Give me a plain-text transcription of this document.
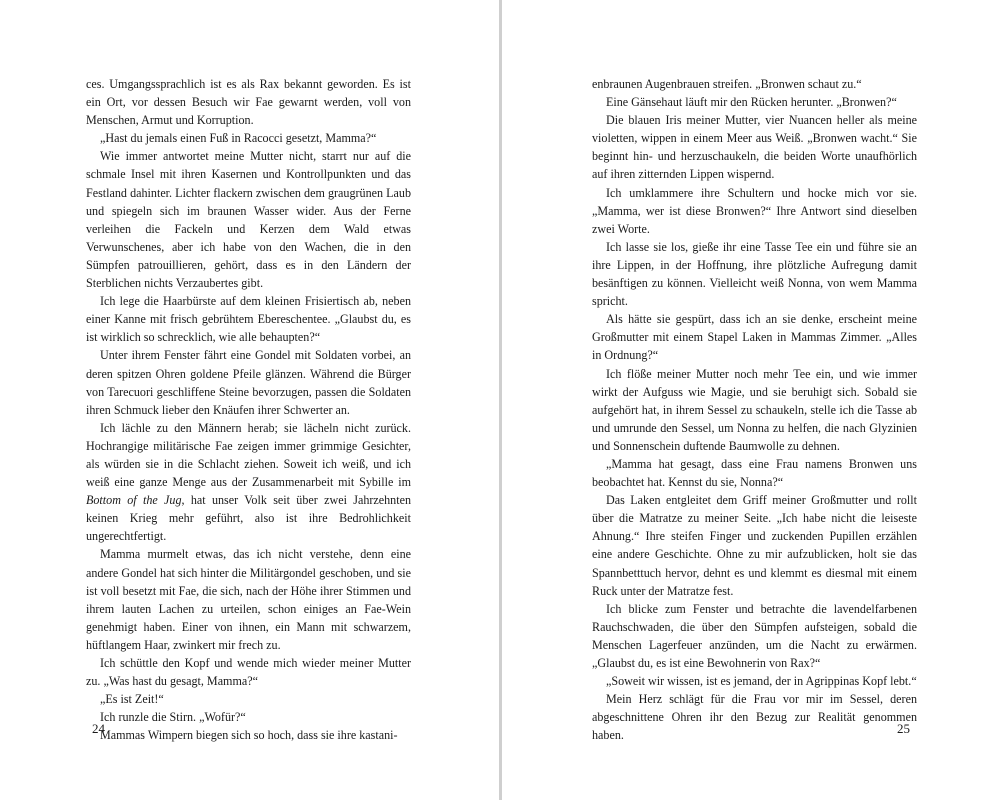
ces. Umgangssprachlich ist es als Rax bekannt geworden. Es ist ein Ort, vor dessen Besuch wir Fae gewarnt werden, voll von Menschen, Armut und Korruption.

„Hast du jemals einen Fuß in Racocci gesetzt, Mamma?“

Wie immer antwortet meine Mutter nicht, starrt nur auf die schmale Insel mit ihren Kasernen und Kontrollpunkten und das Festland dahinter. Lichter flackern zwischen dem graugrünen Laub und spiegeln sich im braunen Wasser wider. Aus der Ferne verleihen die Fackeln und Kerzen dem Wald etwas Verwunschenes, aber ich habe von den Wachen, die in den Sümpfen patrouillieren, gehört, dass es in den Ländern der Sterblichen nichts Verzaubertes gibt.

Ich lege die Haarbürste auf dem kleinen Frisiertisch ab, neben einer Kanne mit frisch gebrühtem Ebereschentee. „Glaubst du, es ist wirklich so schrecklich, wie alle behaupten?“

Unter ihrem Fenster fährt eine Gondel mit Soldaten vorbei, an deren spitzen Ohren goldene Pfeile glänzen. Während die Bürger von Tarecuori geschliffene Steine bevorzugen, passen die Soldaten ihren Schmuck lieber den Knäufen ihrer Schwerter an.

Ich lächle zu den Männern herab; sie lächeln nicht zurück. Hochrangige militärische Fae zeigen immer grimmige Gesichter, als würden sie in die Schlacht ziehen. Soweit ich weiß, und ich weiß eine ganze Menge aus der Zusammenarbeit mit Sybille im Bottom of the Jug, hat unser Volk seit über zwei Jahrzehnten keinen Krieg mehr geführt, also ist ihre Bedrohlichkeit ungerechtfertigt.

Mamma murmelt etwas, das ich nicht verstehe, denn eine andere Gondel hat sich hinter die Militärgondel geschoben, und sie ist voll besetzt mit Fae, die sich, nach der Höhe ihrer Stimmen und ihrem lauten Lachen zu urteilen, schon einiges an Fae-Wein genehmigt haben. Einer von ihnen, ein Mann mit schwarzem, hüftlangem Haar, zwinkert mir frech zu.

Ich schüttle den Kopf und wende mich wieder meiner Mutter zu. „Was hast du gesagt, Mamma?“

„Es ist Zeit!“

Ich runzle die Stirn. „Wofür?“

Mammas Wimpern biegen sich so hoch, dass sie ihre kastani-

24

enbraunen Augenbrauen streifen. „Bronwen schaut zu.“

Eine Gänsehaut läuft mir den Rücken herunter. „Bronwen?“

Die blauen Iris meiner Mutter, vier Nuancen heller als meine violetten, wippen in einem Meer aus Weiß. „Bronwen wacht.“ Sie beginnt hin- und herzuschaukeln, die beiden Worte unaufhörlich auf ihren zitternden Lippen wispernd.

Ich umklammere ihre Schultern und hocke mich vor sie. „Mamma, wer ist diese Bronwen?“ Ihre Antwort sind dieselben zwei Worte.

Ich lasse sie los, gieße ihr eine Tasse Tee ein und führe sie an ihre Lippen, in der Hoffnung, ihre plötzliche Aufregung damit besänftigen zu können. Vielleicht weiß Nonna, von wem Mamma spricht.

Als hätte sie gespürt, dass ich an sie denke, erscheint meine Großmutter mit einem Stapel Laken in Mammas Zimmer. „Alles in Ordnung?“

Ich flöße meiner Mutter noch mehr Tee ein, und wie immer wirkt der Aufguss wie Magie, und sie beruhigt sich. Sobald sie aufgehört hat, in ihrem Sessel zu schaukeln, stelle ich die Tasse ab und umrunde den Sessel, um Nonna zu helfen, die nach Glyzinien und Sonnenschein duftende Baumwolle zu dehnen.

„Mamma hat gesagt, dass eine Frau namens Bronwen uns beobachtet hat. Kennst du sie, Nonna?“

Das Laken entgleitet dem Griff meiner Großmutter und rollt über die Matratze zu meiner Seite. „Ich habe nicht die leiseste Ahnung.“ Ihre steifen Finger und zuckenden Pupillen erzählen eine andere Geschichte. Ohne zu mir aufzublicken, holt sie das Spannbetttuch hervor, dehnt es und klemmt es diesmal mit einem Ruck unter der Matratze fest.

Ich blicke zum Fenster und betrachte die lavendelfarbenen Rauchschwaden, die über den Sümpfen aufsteigen, sobald die Menschen Lagerfeuer anzünden, um die Nacht zu erwärmen. „Glaubst du, es ist eine Bewohnerin von Rax?“

„Soweit wir wissen, ist es jemand, der in Agrippinas Kopf lebt.“

Mein Herz schlägt für die Frau vor mir im Sessel, deren abgeschnittene Ohren ihr den Bezug zur Realität genommen haben.	25
